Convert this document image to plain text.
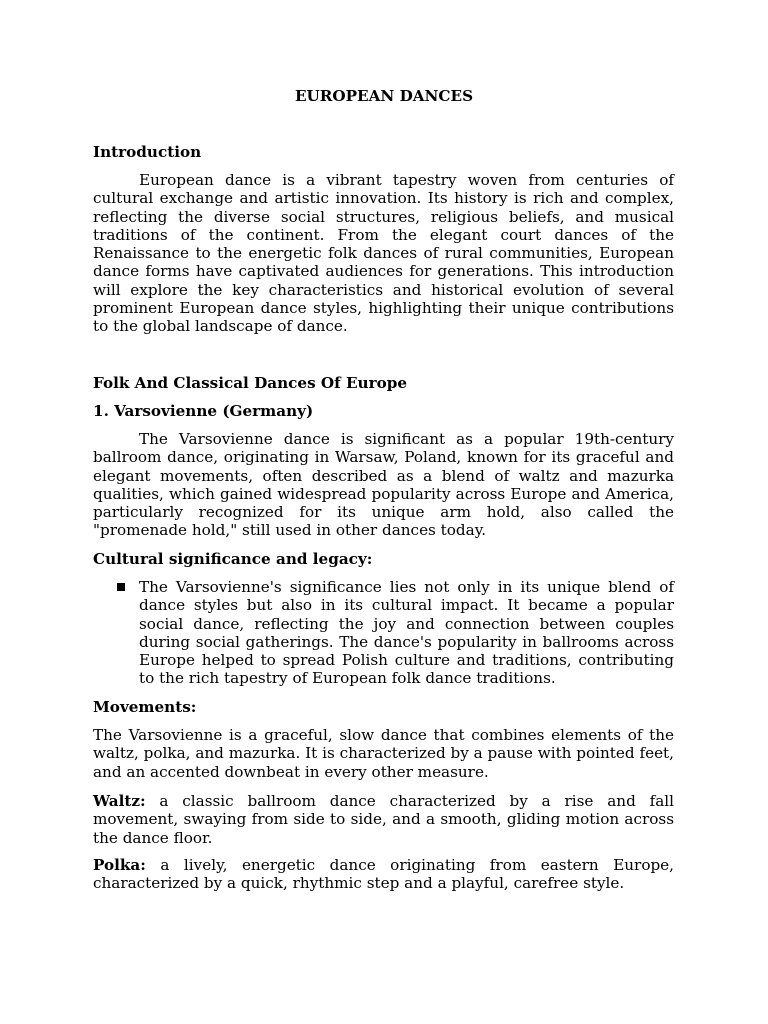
EUROPEAN DANCES
Introduction
European dance is a vibrant tapestry woven from centuries of cultural exchange and artistic innovation. Its history is rich and complex, reflecting the diverse social structures, religious beliefs, and musical traditions of the continent. From the elegant court dances of the Renaissance to the energetic folk dances of rural communities, European dance forms have captivated audiences for generations. This introduction will explore the key characteristics and historical evolution of several prominent European dance styles, highlighting their unique contributions to the global landscape of dance.
Folk And Classical Dances Of Europe
1. Varsovienne (Germany)
The Varsovienne dance is significant as a popular 19th-century ballroom dance, originating in Warsaw, Poland, known for its graceful and elegant movements, often described as a blend of waltz and mazurka qualities, which gained widespread popularity across Europe and America, particularly recognized for its unique arm hold, also called the "promenade hold," still used in other dances today.
Cultural significance and legacy:
The Varsovienne's significance lies not only in its unique blend of dance styles but also in its cultural impact. It became a popular social dance, reflecting the joy and connection between couples during social gatherings. The dance's popularity in ballrooms across Europe helped to spread Polish culture and traditions, contributing to the rich tapestry of European folk dance traditions.
Movements:
The Varsovienne is a graceful, slow dance that combines elements of the waltz, polka, and mazurka. It is characterized by a pause with pointed feet, and an accented downbeat in every other measure.
Waltz: a classic ballroom dance characterized by a rise and fall movement, swaying from side to side, and a smooth, gliding motion across the dance floor.
Polka: a lively, energetic dance originating from eastern Europe, characterized by a quick, rhythmic step and a playful, carefree style.
